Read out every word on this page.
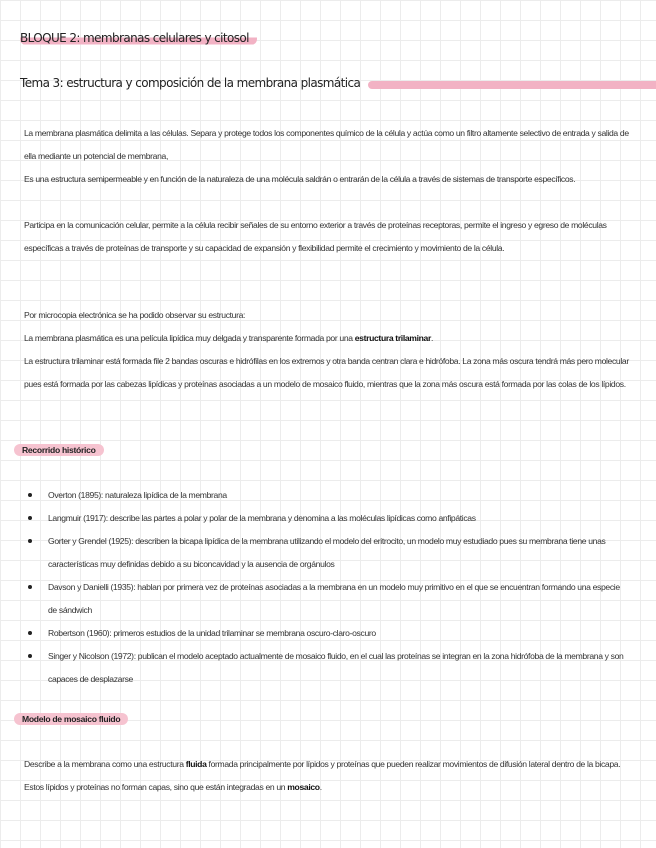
BLOQUE 2: membranas celulares y citosol
Tema 3: estructura y composición de la membrana plasmática

La membrana plasmática delimita a las células. Separa y protege todos los componentes químico de la célula y actúa como un filtro altamente selectivo de entrada y salida de ella mediante un potencial de membrana,

Es una estructura semipermeable y en función de la naturaleza de una molécula saldrán o entrarán de la célula a través de sistemas de transporte específicos.

Participa en la comunicación celular, permite a la célula recibir señales de su entorno exterior a través de proteínas receptoras, permite el ingreso y egreso de moléculas específicas a través de proteínas de transporte y su capacidad de expansión y flexibilidad permite el crecimiento y movimiento de la célula.

Por microcopia electrónica se ha podido observar su estructura:

La membrana plasmática es una película lipídica muy delgada y transparente formada por una estructura trilaminar.

La estructura trilaminar está formada file 2 bandas oscuras e hidrófilas en los extremos y otra banda centran clara e hidrófoba. La zona más oscura tendrá más pero molecular pues está formada por las cabezas lipídicas y proteínas asociadas a un modelo de mosaico fluido, mientras que la zona más oscura está formada por las colas de los lípidos.

Recorrido histórico
Overton (1895): naturaleza lipídica de la membrana
Langmuir (1917): describe las partes a polar y polar de la membrana y denomina a las moléculas lipídicas como anfipáticas
Gorter y Grendel (1925): describen la bicapa lipídica de la membrana utilizando el modelo del eritrocito, un modelo muy estudiado pues su membrana tiene unas características muy definidas debido a su biconcavidad y la ausencia de orgánulos
Davson y Danielli (1935): hablan por primera vez de proteínas asociadas a la membrana en un modelo muy primitivo en el que se encuentran formando una especie de sándwich
Robertson (1960): primeros estudios de la unidad trilaminar se membrana oscuro-claro-oscuro
Singer y Nicolson (1972): publican el modelo aceptado actualmente de mosaico fluido, en el cual las proteínas se integran en la zona hidrófoba de la membrana y son capaces de desplazarse
Modelo de mosaico fluido

Describe a la membrana como una estructura fluida formada principalmente por lípidos y proteínas que pueden realizar movimientos de difusión lateral dentro de la bicapa. Estos lípidos y proteínas no forman capas, sino que están integradas en un mosaico.
